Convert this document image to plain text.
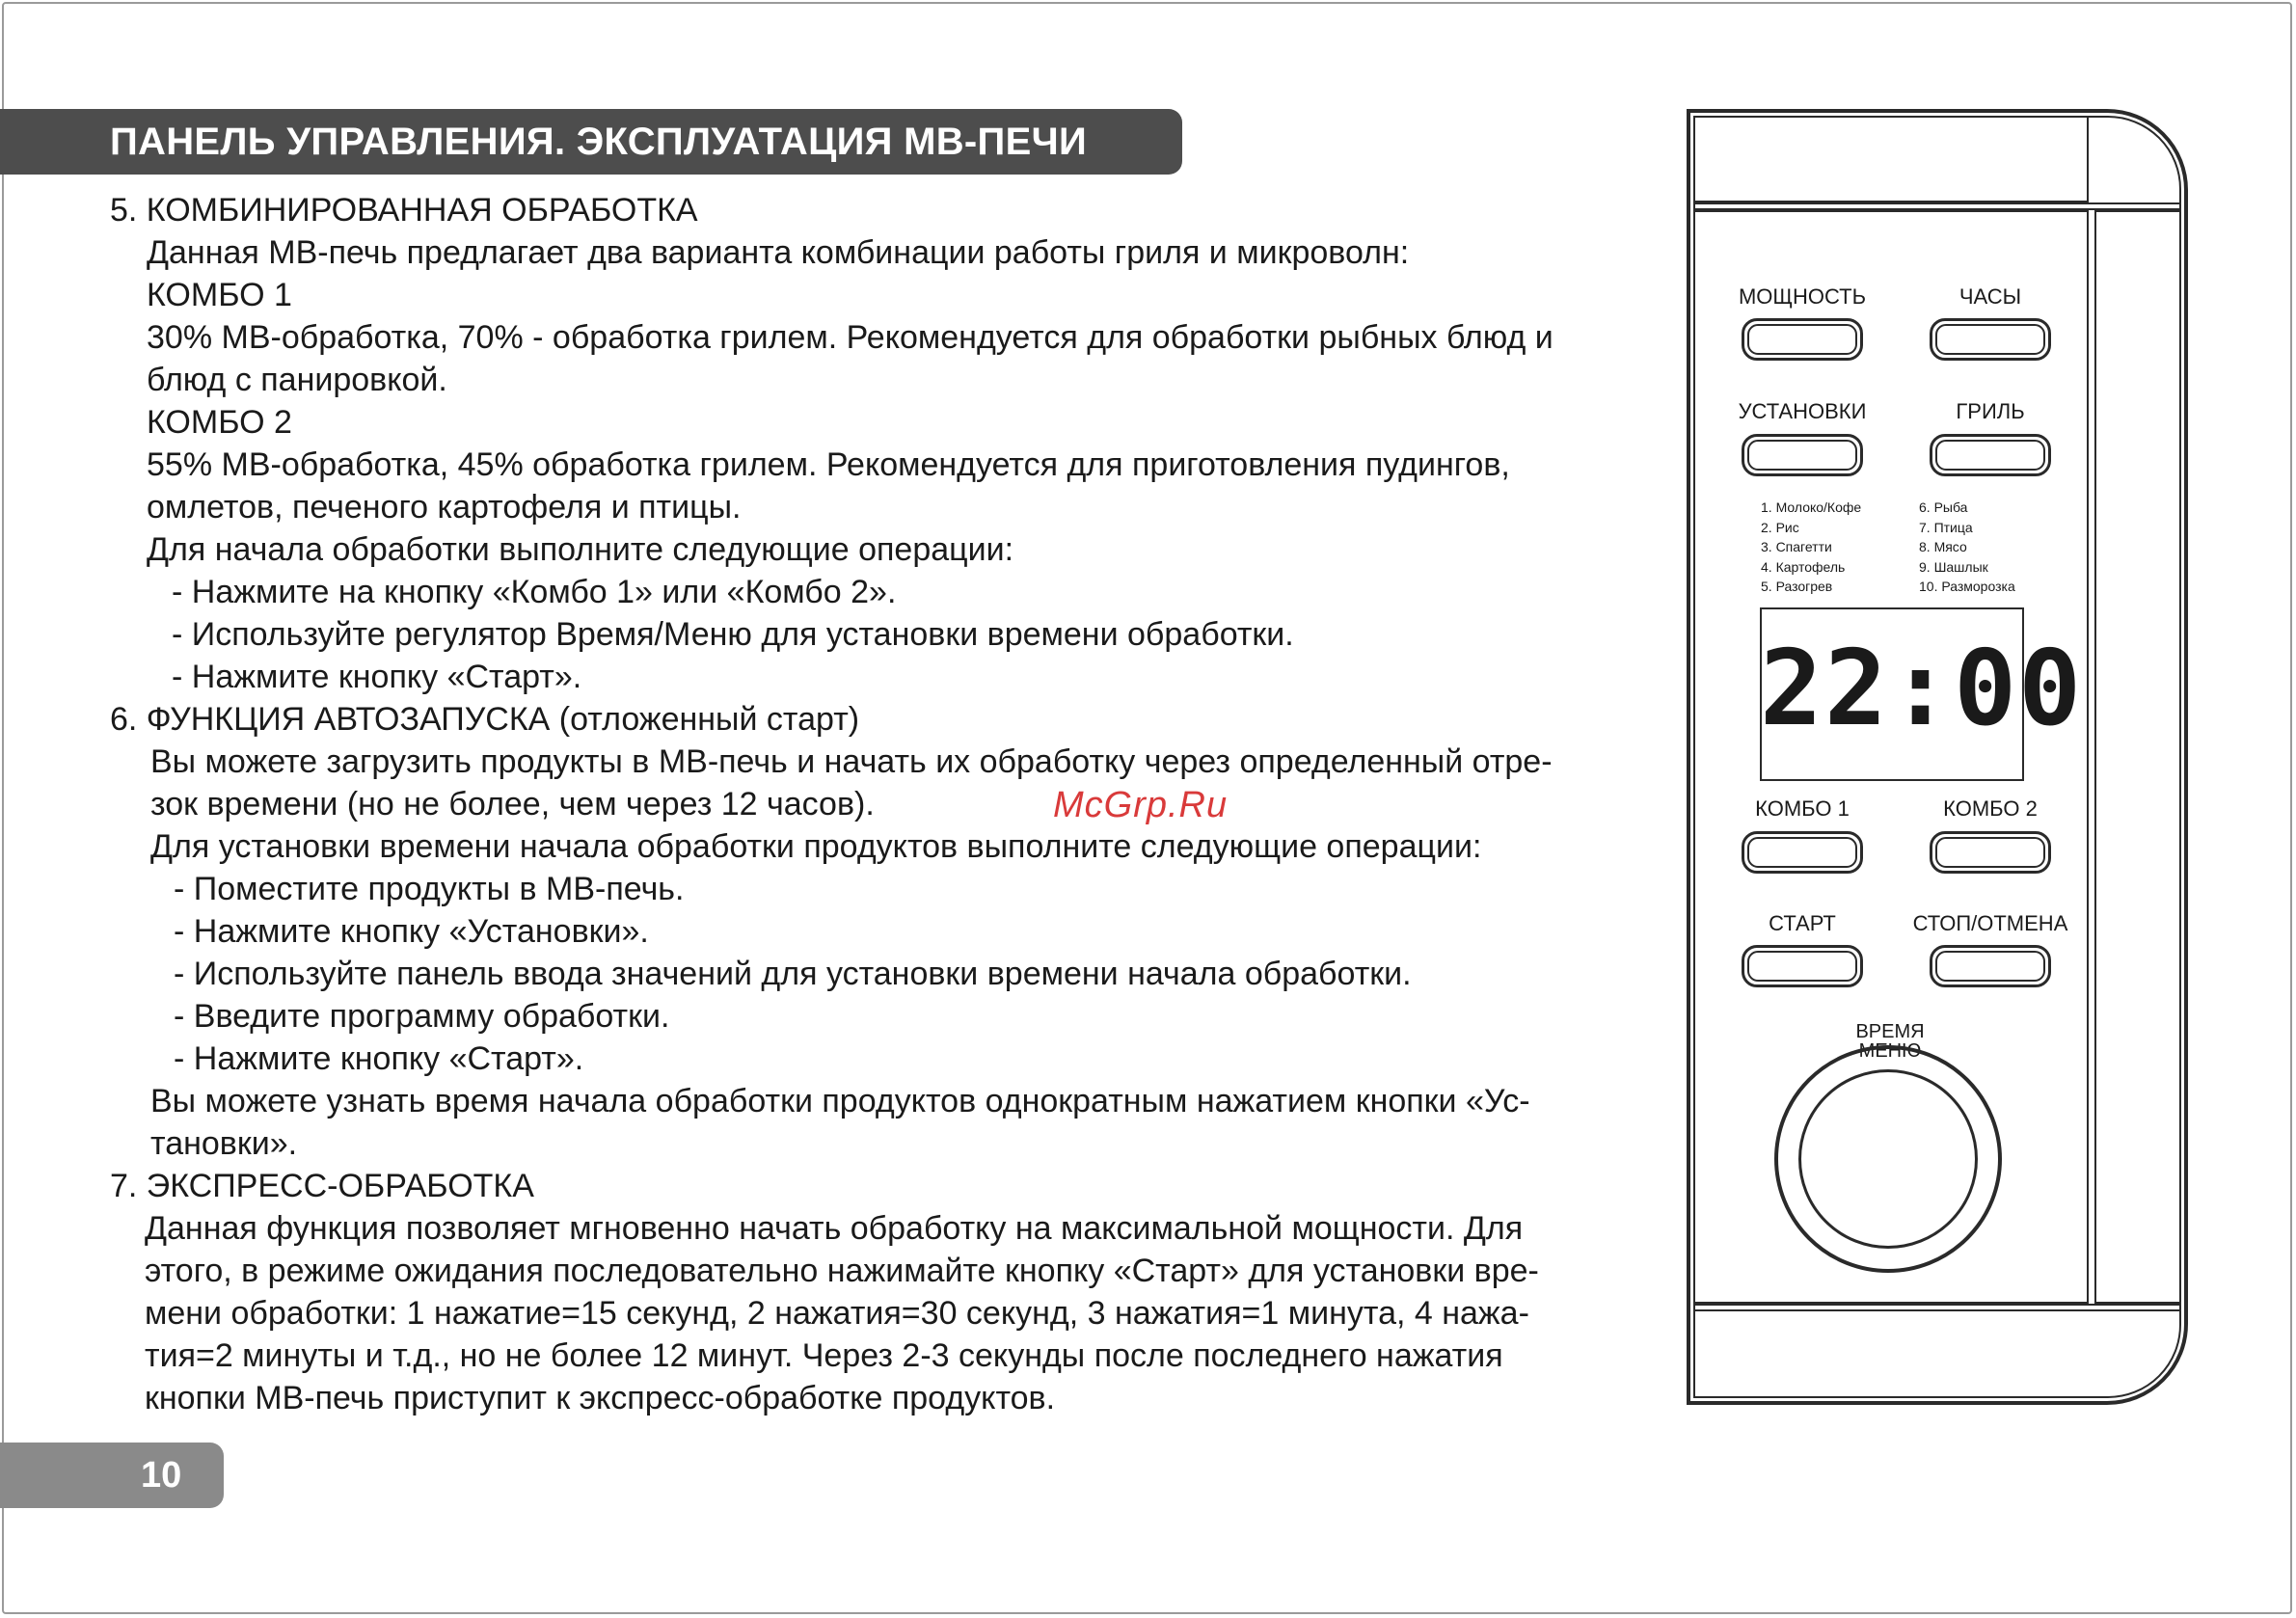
ПАНЕЛЬ УПРАВЛЕНИЯ. ЭКСПЛУАТАЦИЯ МВ-ПЕЧИ
5. КОМБИНИРОВАННАЯ ОБРАБОТКА
Данная МВ-печь предлагает два варианта комбинации работы гриля и микроволн:
КОМБО 1
30% МВ-обработка, 70% - обработка грилем. Рекомендуется для обработки рыбных блюд и
блюд с панировкой.
КОМБО 2
55% МВ-обработка, 45% обработка грилем. Рекомендуется для приготовления пудингов,
омлетов, печеного картофеля и птицы.
Для начала обработки выполните следующие операции:
- Нажмите на кнопку «Комбо 1» или «Комбо 2».
- Используйте регулятор Время/Меню для установки времени обработки.
- Нажмите кнопку «Старт».
6. ФУНКЦИЯ АВТОЗАПУСКА (отложенный старт)
Вы можете загрузить продукты в МВ-печь и начать их обработку через определенный отре-
зок времени (но не более, чем через 12 часов).
Для установки времени начала обработки продуктов выполните следующие операции:
- Поместите продукты в МВ-печь.
- Нажмите кнопку «Установки».
- Используйте панель ввода значений для установки времени начала обработки.
- Введите программу обработки.
- Нажмите кнопку «Старт».
Вы можете узнать время начала обработки продуктов однократным нажатием кнопки «Ус-
тановки».
7. ЭКСПРЕСС-ОБРАБОТКА
Данная функция позволяет мгновенно начать обработку на максимальной мощности. Для
этого, в режиме ожидания последовательно нажимайте кнопку «Старт» для установки вре-
мени обработки: 1 нажатие=15 секунд, 2 нажатия=30 секунд, 3 нажатия=1 минута, 4 нажа-
тия=2 минуты и т.д., но не более 12 минут. Через 2-3 секунды после последнего нажатия
кнопки МВ-печь приступит к экспресс-обработке продуктов.
McGrp.Ru
10
МОЩНОСТЬ	ЧАСЫ
УСТАНОВКИ	ГРИЛЬ
1. Молоко/Кофе
2. Рис
3. Спагетти
4. Картофель
5. Разогрев
6. Рыба
7. Птица
8. Мясо
9. Шашлык
10. Разморозка
22:00
КОМБО 1	КОМБО 2
СТАРТ	СТОП/ОТМЕНА
ВРЕМЯ
МЕНЮ
